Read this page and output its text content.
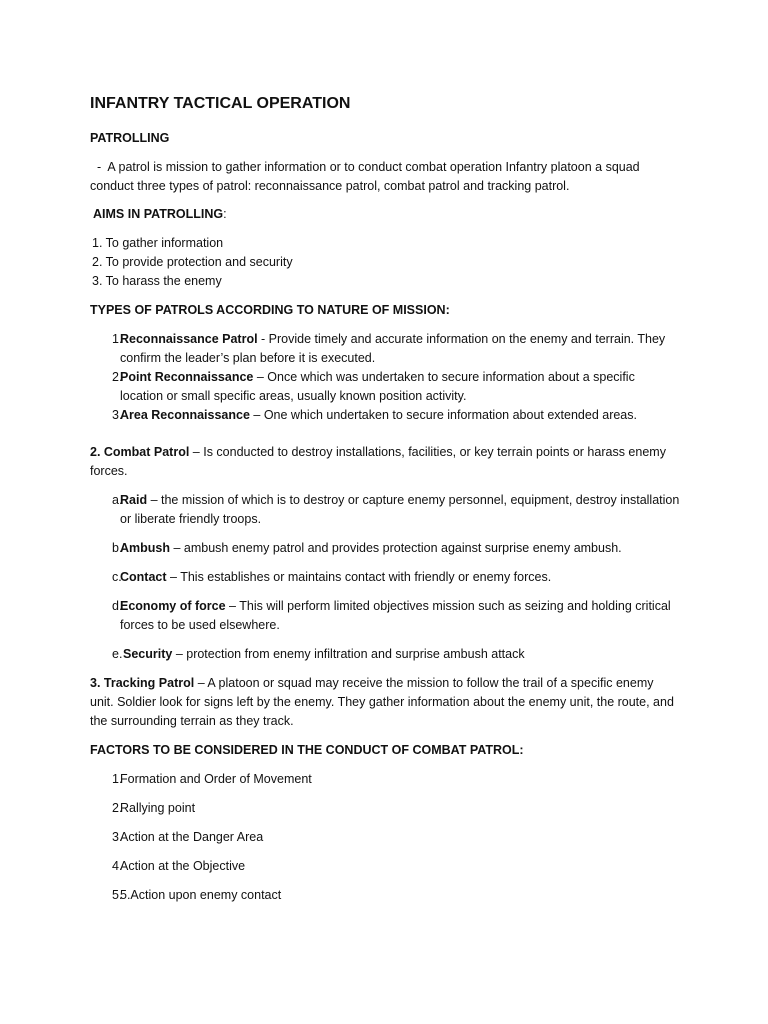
INFANTRY TACTICAL OPERATION
PATROLLING
-  A patrol is mission to gather information or to conduct combat operation Infantry platoon a squad conduct three types of patrol: reconnaissance patrol, combat patrol and tracking patrol.
AIMS IN PATROLLING:
1. To gather information
2. To provide protection and security
3. To harass the enemy
TYPES OF PATROLS ACCORDING TO NATURE OF MISSION:
1.
Reconnaissance Patrol - Provide timely and accurate information on the enemy and terrain. They confirm the leader’s plan before it is executed.
2.
Point Reconnaissance – Once which was undertaken to secure information about a specific location or small specific areas, usually known position activity.
3.
Area Reconnaissance – One which undertaken to secure information about extended areas.
2. Combat Patrol – Is conducted to destroy installations, facilities, or key terrain points or harass enemy forces.
a.
Raid – the mission of which is to destroy or capture enemy personnel, equipment, destroy installation or liberate friendly troops.
b.
Ambush – ambush enemy patrol and provides protection against surprise enemy ambush.
c.
Contact – This establishes or maintains contact with friendly or enemy forces.
d.
Economy of force – This will perform limited objectives mission such as seizing and holding critical forces to be used elsewhere.
e. Security – protection from enemy infiltration and surprise ambush attack
3. Tracking Patrol – A platoon or squad may receive the mission to follow the trail of a specific enemy unit. Soldier look for signs left by the enemy. They gather information about the enemy unit, the route, and the surrounding terrain as they track.
FACTORS TO BE CONSIDERED IN THE CONDUCT OF COMBAT PATROL:
1.
Formation and Order of Movement
2.
Rallying point
3.
Action at the Danger Area
4.
Action at the Objective
5.
5.Action upon enemy contact
